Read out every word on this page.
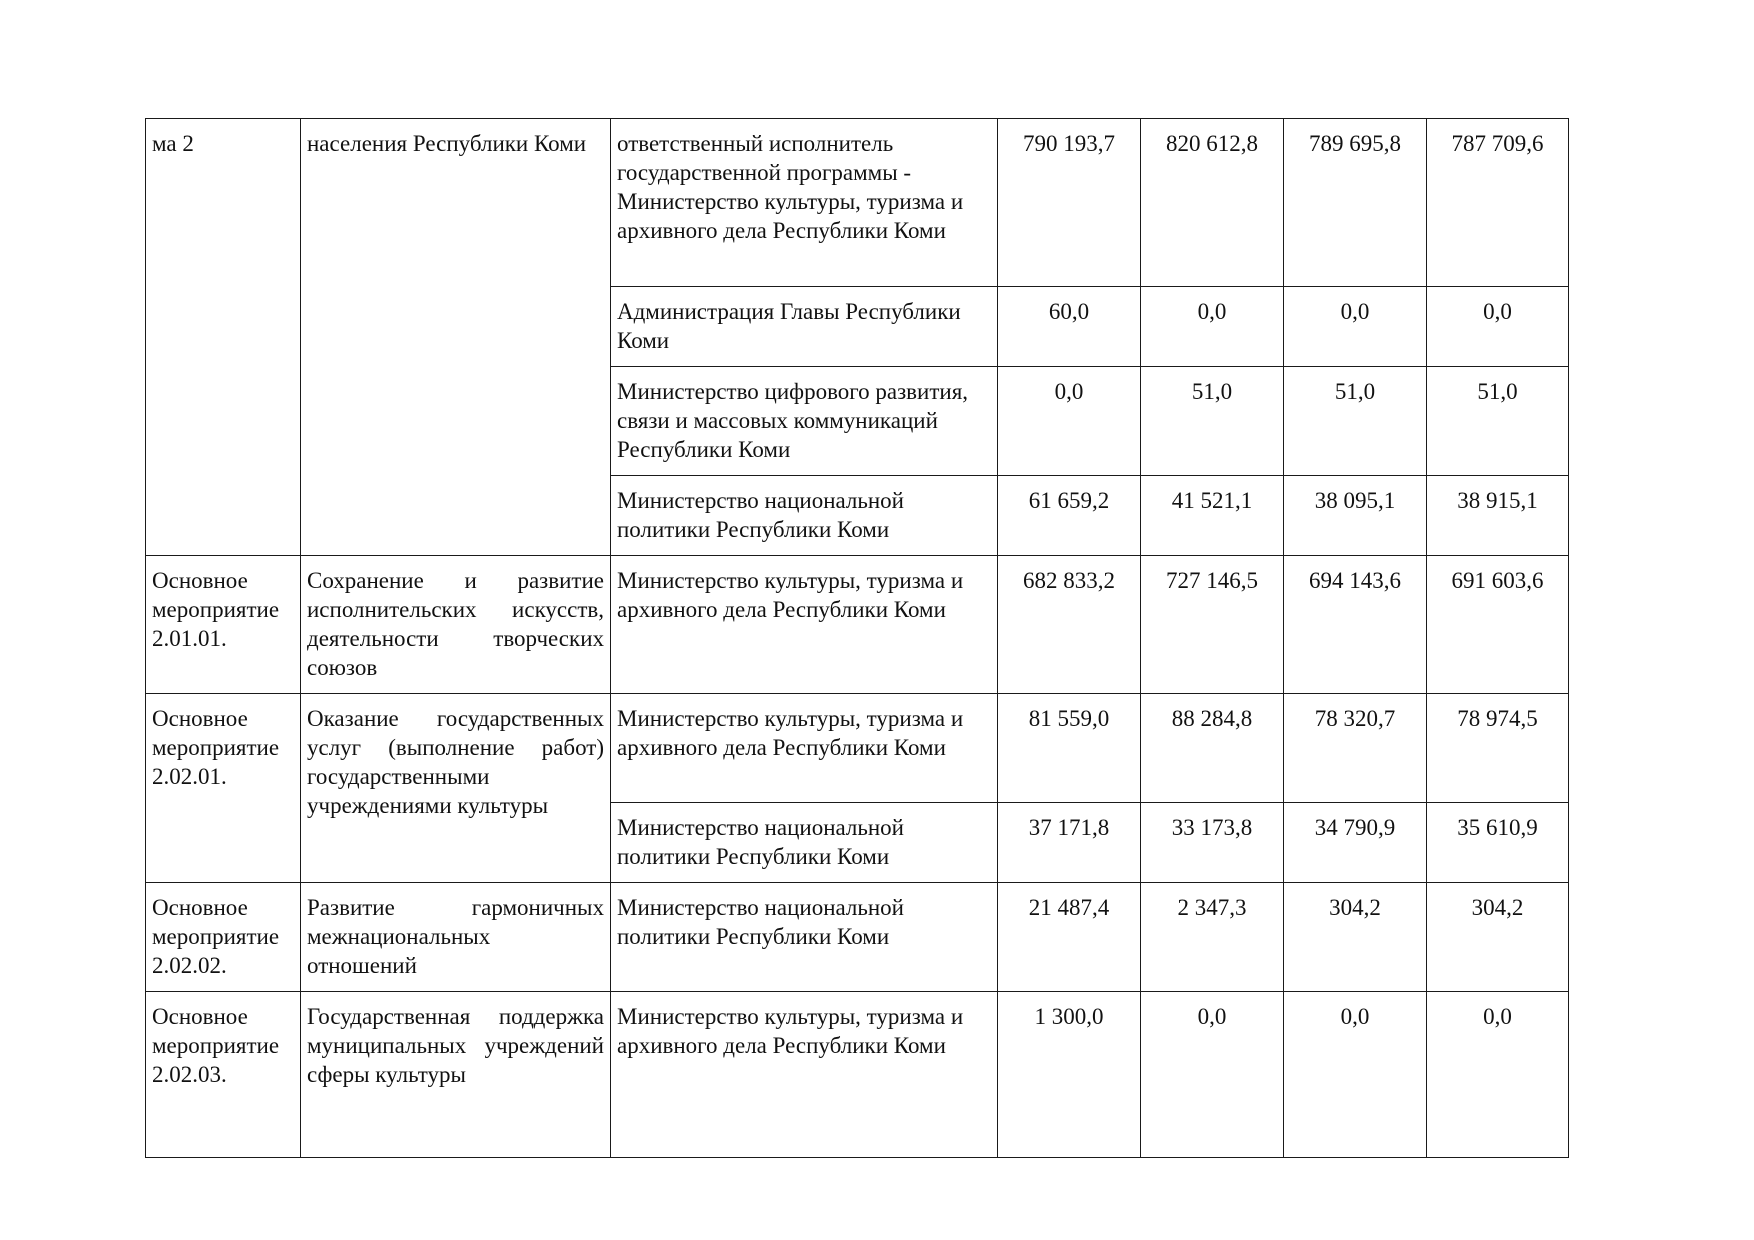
ма 2	населения Республики Коми	ответственный исполнитель государственной программы - Министерство культуры, туризма и архивного дела Республики Коми	790 193,7	820 612,8	789 695,8	787 709,6
		Администрация Главы Республики Коми	60,0	0,0	0,0	0,0
		Министерство цифрового развития, связи и массовых коммуникаций Республики Коми	0,0	51,0	51,0	51,0
		Министерство национальной политики Республики Коми	61 659,2	41 521,1	38 095,1	38 915,1
Основное мероприятие 2.01.01.	Сохранение и развитие исполнительских искусств, деятельности творческих союзов	Министерство культуры, туризма и архивного дела Республики Коми	682 833,2	727 146,5	694 143,6	691 603,6
Основное мероприятие 2.02.01.	Оказание государственных услуг (выполнение работ) государственными учреждениями культуры	Министерство культуры, туризма и архивного дела Республики Коми	81 559,0	88 284,8	78 320,7	78 974,5
		Министерство национальной политики Республики Коми	37 171,8	33 173,8	34 790,9	35 610,9
Основное мероприятие 2.02.02.	Развитие гармоничных межнациональных отношений	Министерство национальной политики Республики Коми	21 487,4	2 347,3	304,2	304,2
Основное мероприятие 2.02.03.	Государственная поддержка муниципальных учреждений сферы культуры	Министерство культуры, туризма и архивного дела Республики Коми	1 300,0	0,0	0,0	0,0
